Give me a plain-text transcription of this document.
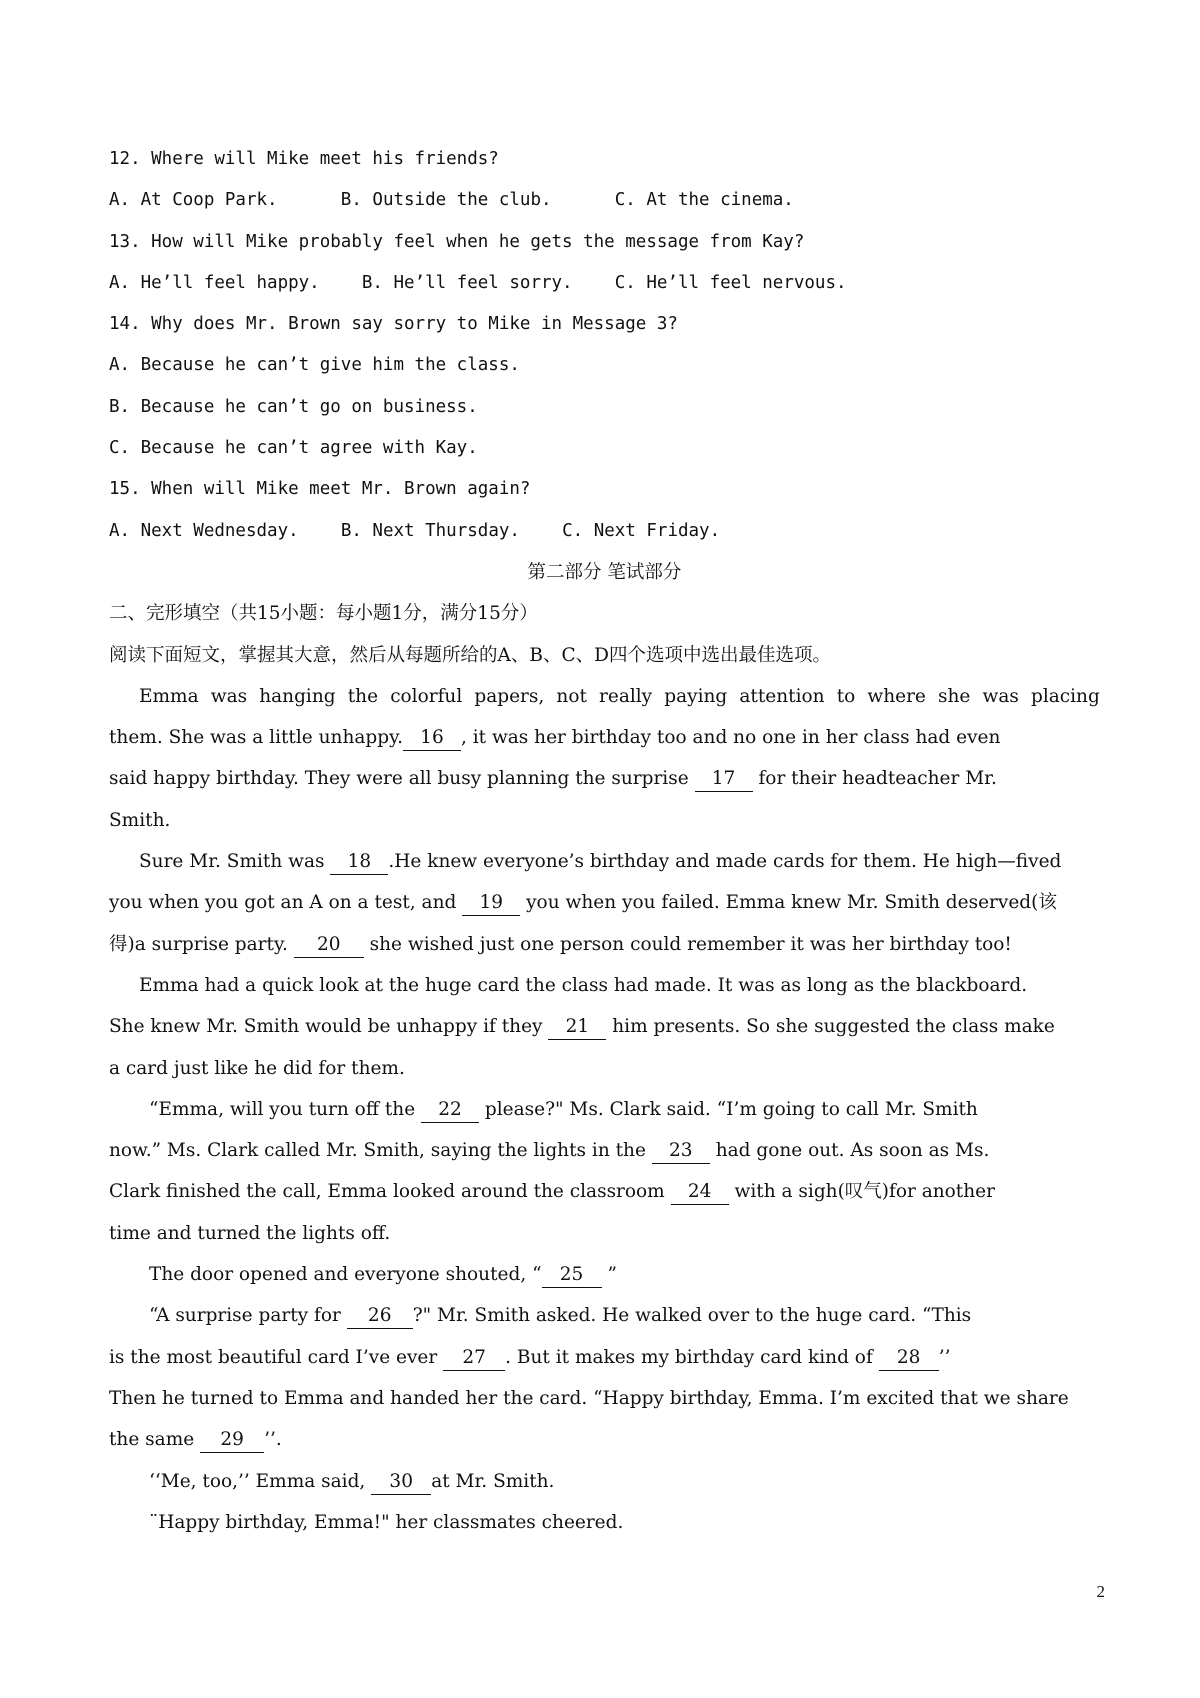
12. Where will Mike meet his friends?
A. At Coop Park.	B. Outside the club.	C. At the cinema.
13. How will Mike probably feel when he gets the message from Kay?
A. He’ll feel happy. B. He’ll feel sorry. C. He’ll feel nervous.
14. Why does Mr. Brown say sorry to Mike in Message 3?
A. Because he can’t give him the class.
B. Because he can’t go on business.
C. Because he can’t agree with Kay.
15. When will Mike meet Mr. Brown again?
A. Next Wednesday. B. Next Thursday. C. Next Friday.
第二部分 笔试部分
二、完形填空（共15小题：每小题1分，满分15分）
阅读下面短文，掌握其大意，然后从每题所给的A、B、C、D四个选项中选出最佳选项。
Emma was hanging the colorful papers, not really paying attention to where she was placing
them. She was a little unhappy. 16 , it was her birthday too and no one in her class had even
said happy birthday. They were all busy planning the surprise 17 for their headteacher Mr.
Smith.
Sure Mr. Smith was 18 .He knew everyone’s birthday and made cards for them. He high—fived
you when you got an A on a test, and 19 you when you failed. Emma knew Mr. Smith deserved(该
得)a surprise party. 20 she wished just one person could remember it was her birthday too!
Emma had a quick look at the huge card the class had made. It was as long as the blackboard.
She knew Mr. Smith would be unhappy if they 21 him presents. So she suggested the class make
a card just like he did for them.
“Emma, will you turn off the 22 please?" Ms. Clark said. “I’m going to call Mr. Smith
now.” Ms. Clark called Mr. Smith, saying the lights in the 23 had gone out. As soon as Ms.
Clark finished the call, Emma looked around the classroom 24 with a sigh(叹气)for another
time and turned the lights off.
The door opened and everyone shouted, “ 25 ”
“A surprise party for 26 ?" Mr. Smith asked. He walked over to the huge card. “This
is the most beautiful card I’ve ever 27 . But it makes my birthday card kind of 28 ’’
Then he turned to Emma and handed her the card. “Happy birthday, Emma. I’m excited that we share
the same 29 ’’.
‘‘Me, too,’’ Emma said, 30 at Mr. Smith.
¨Happy birthday, Emma!" her classmates cheered.
2
